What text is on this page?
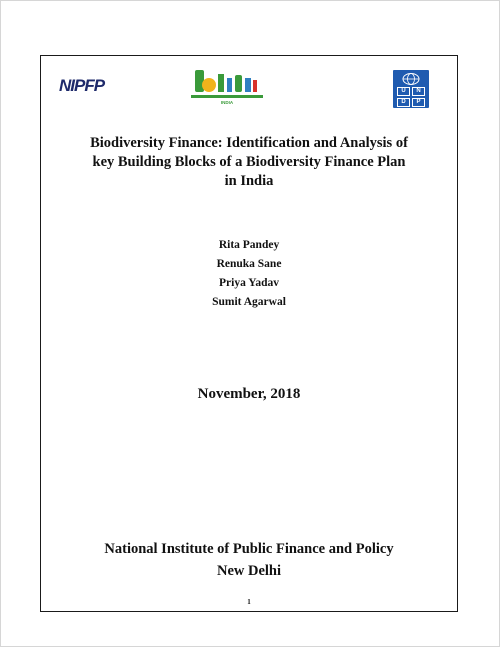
NIPFP
INDIA
U	N
D	P
Biodiversity Finance: Identification and Analysis of
key Building Blocks of a Biodiversity Finance Plan
in India
Rita Pandey
Renuka Sane
Priya Yadav
Sumit Agarwal
November, 2018
National Institute of Public Finance and Policy
New Delhi
1
